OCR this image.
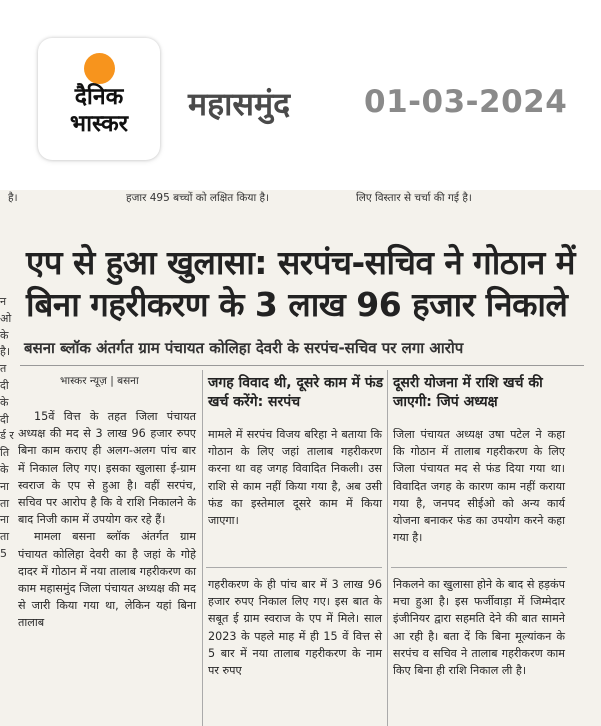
दैनिक भास्कर
महासमुंद 01-03-2024
है।	हजार 495 बच्चों को लक्षित किया है।	लिए विस्तार से चर्चा की गई है।
न ओ के है। त दी के दी र्ड र ति के ना ता ना ता 5
एप से हुआ खुलासा: सरपंच-सचिव ने गोठान में बिना गहरीकरण के 3 लाख 96 हजार निकाले
बसना ब्लॉक अंतर्गत ग्राम पंचायत कोलिहा देवरी के सरपंच-सचिव पर लगा आरोप
भास्कर न्यूज़ | बसना

15वें वित्त के तहत जिला पंचायत अध्यक्ष की मद से 3 लाख 96 हजार रुपए बिना काम कराए ही अलग-अलग पांच बार में निकाल लिए गए। इसका खुलासा ई-ग्राम स्वराज के एप से हुआ है। वहीं सरपंच, सचिव पर आरोप है कि वे राशि निकालने के बाद निजी काम में उपयोग कर रहे हैं।

मामला बसना ब्लॉक अंतर्गत ग्राम पंचायत कोलिहा देवरी का है जहां के गोहे दादर में गोठान में नया तालाब गहरीकरण का काम महासमुंद जिला पंचायत अध्यक्ष की मद से जारी किया गया था, लेकिन यहां बिना तालाब

जगह विवाद थी, दूसरे काम में फंड खर्च करेंगे: सरपंच

मामले में सरपंच विजय बरिहा ने बताया कि गोठान के लिए जहां तालाब गहरीकरण करना था वह जगह विवादित निकली। उस राशि से काम नहीं किया गया है, अब उसी फंड का इस्तेमाल दूसरे काम में किया जाएगा।

गहरीकरण के ही पांच बार में 3 लाख 96 हजार रुपए निकाल लिए गए। इस बात के सबूत ई ग्राम स्वराज के एप में मिले। साल 2023 के पहले माह में ही 15 वें वित्त से 5 बार में नया तालाब गहरीकरण के नाम पर रुपए

दूसरी योजना में राशि खर्च की जाएगी: जिपं अध्यक्ष

जिला पंचायत अध्यक्ष उषा पटेल ने कहा कि गोठान में तालाब गहरीकरण के लिए जिला पंचायत मद से फंड दिया गया था। विवादित जगह के कारण काम नहीं कराया गया है, जनपद सीईओ को अन्य कार्य योजना बनाकर फंड का उपयोग करने कहा गया है।

निकलने का खुलासा होने के बाद से हड़कंप मचा हुआ है। इस फर्जीवाड़ा में जिम्मेदार इंजीनियर द्वारा सहमति देने की बात सामने आ रही है। बता दें कि बिना मूल्यांकन के सरपंच व सचिव ने तालाब गहरीकरण काम किए बिना ही राशि निकाल ली है।
